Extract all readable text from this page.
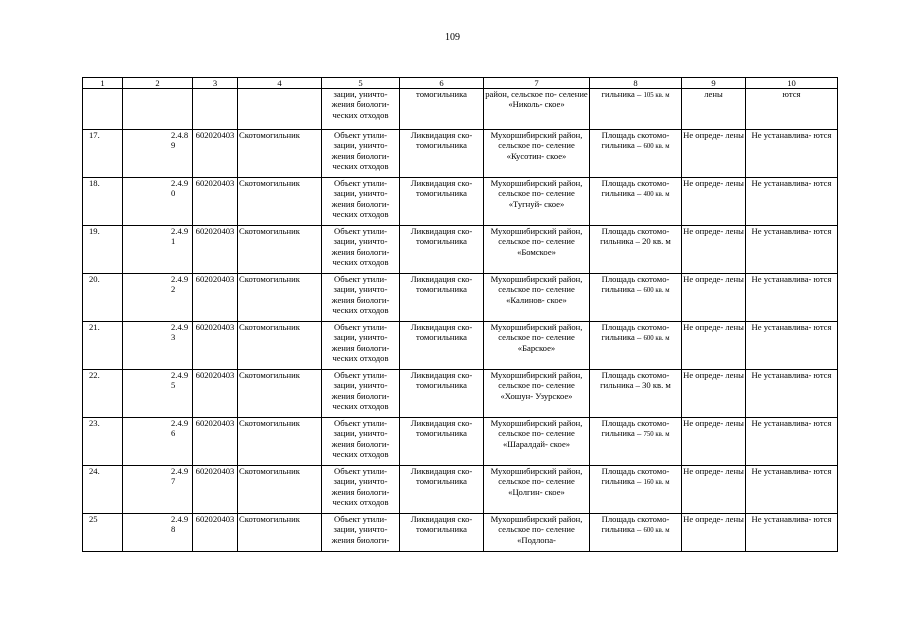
109
1	2	3	4	5	6	7	8	9	10
				зации, уничто- жения биологи- ческих отходов	томогильника	район, сельское по- селение «Николь- ское»	гильника – 105 кв. м	лены	ются
17.	2.4.89	602020403	Скотомогильник	Объект утили- зации, уничто- жения биологи- ческих отходов	Ликвидация ско- томогильника	Мухоршибирский район, сельское по- селение «Кусотин- ское»	Площадь скотомо- гильника – 600 кв. м	Не опреде- лены	Не устанавлива- ются
18.	2.4.90	602020403	Скотомогильник	Объект утили- зации, уничто- жения биологи- ческих отходов	Ликвидация ско- томогильника	Мухоршибирский район, сельское по- селение «Тугнуй- ское»	Площадь скотомо- гильника – 400 кв. м	Не опреде- лены	Не устанавлива- ются
19.	2.4.91	602020403	Скотомогильник	Объект утили- зации, уничто- жения биологи- ческих отходов	Ликвидация ско- томогильника	Мухоршибирский район, сельское по- селение «Бомское»	Площадь скотомо- гильника – 20 кв. м	Не опреде- лены	Не устанавлива- ются
20.	2.4.92	602020403	Скотомогильник	Объект утили- зации, уничто- жения биологи- ческих отходов	Ликвидация ско- томогильника	Мухоршибирский район, сельское по- селение «Калинов- ское»	Площадь скотомо- гильника – 600 кв. м	Не опреде- лены	Не устанавлива- ются
21.	2.4.93	602020403	Скотомогильник	Объект утили- зации, уничто- жения биологи- ческих отходов	Ликвидация ско- томогильника	Мухоршибирский район, сельское по- селение «Барское»	Площадь скотомо- гильника – 600 кв. м	Не опреде- лены	Не устанавлива- ются
22.	2.4.95	602020403	Скотомогильник	Объект утили- зации, уничто- жения биологи- ческих отходов	Ликвидация ско- томогильника	Мухоршибирский район, сельское по- селение «Хошун- Узурское»	Площадь скотомо- гильника – 30 кв. м	Не опреде- лены	Не устанавлива- ются
23.	2.4.96	602020403	Скотомогильник	Объект утили- зации, уничто- жения биологи- ческих отходов	Ликвидация ско- томогильника	Мухоршибирский район, сельское по- селение «Шаралдай- ское»	Площадь скотомо- гильника – 750 кв. м	Не опреде- лены	Не устанавлива- ются
24.	2.4.97	602020403	Скотомогильник	Объект утили- зации, уничто- жения биологи- ческих отходов	Ликвидация ско- томогильника	Мухоршибирский район, сельское по- селение «Цолгин- ское»	Площадь скотомо- гильника – 160 кв. м	Не опреде- лены	Не устанавлива- ются
25	2.4.98	602020403	Скотомогильник	Объект утили- зации, уничто- жения биологи-	Ликвидация ско- томогильника	Мухоршибирский район, сельское по- селение «Подлопа-	Площадь скотомо- гильника – 600 кв. м	Не опреде- лены	Не устанавлива- ются
